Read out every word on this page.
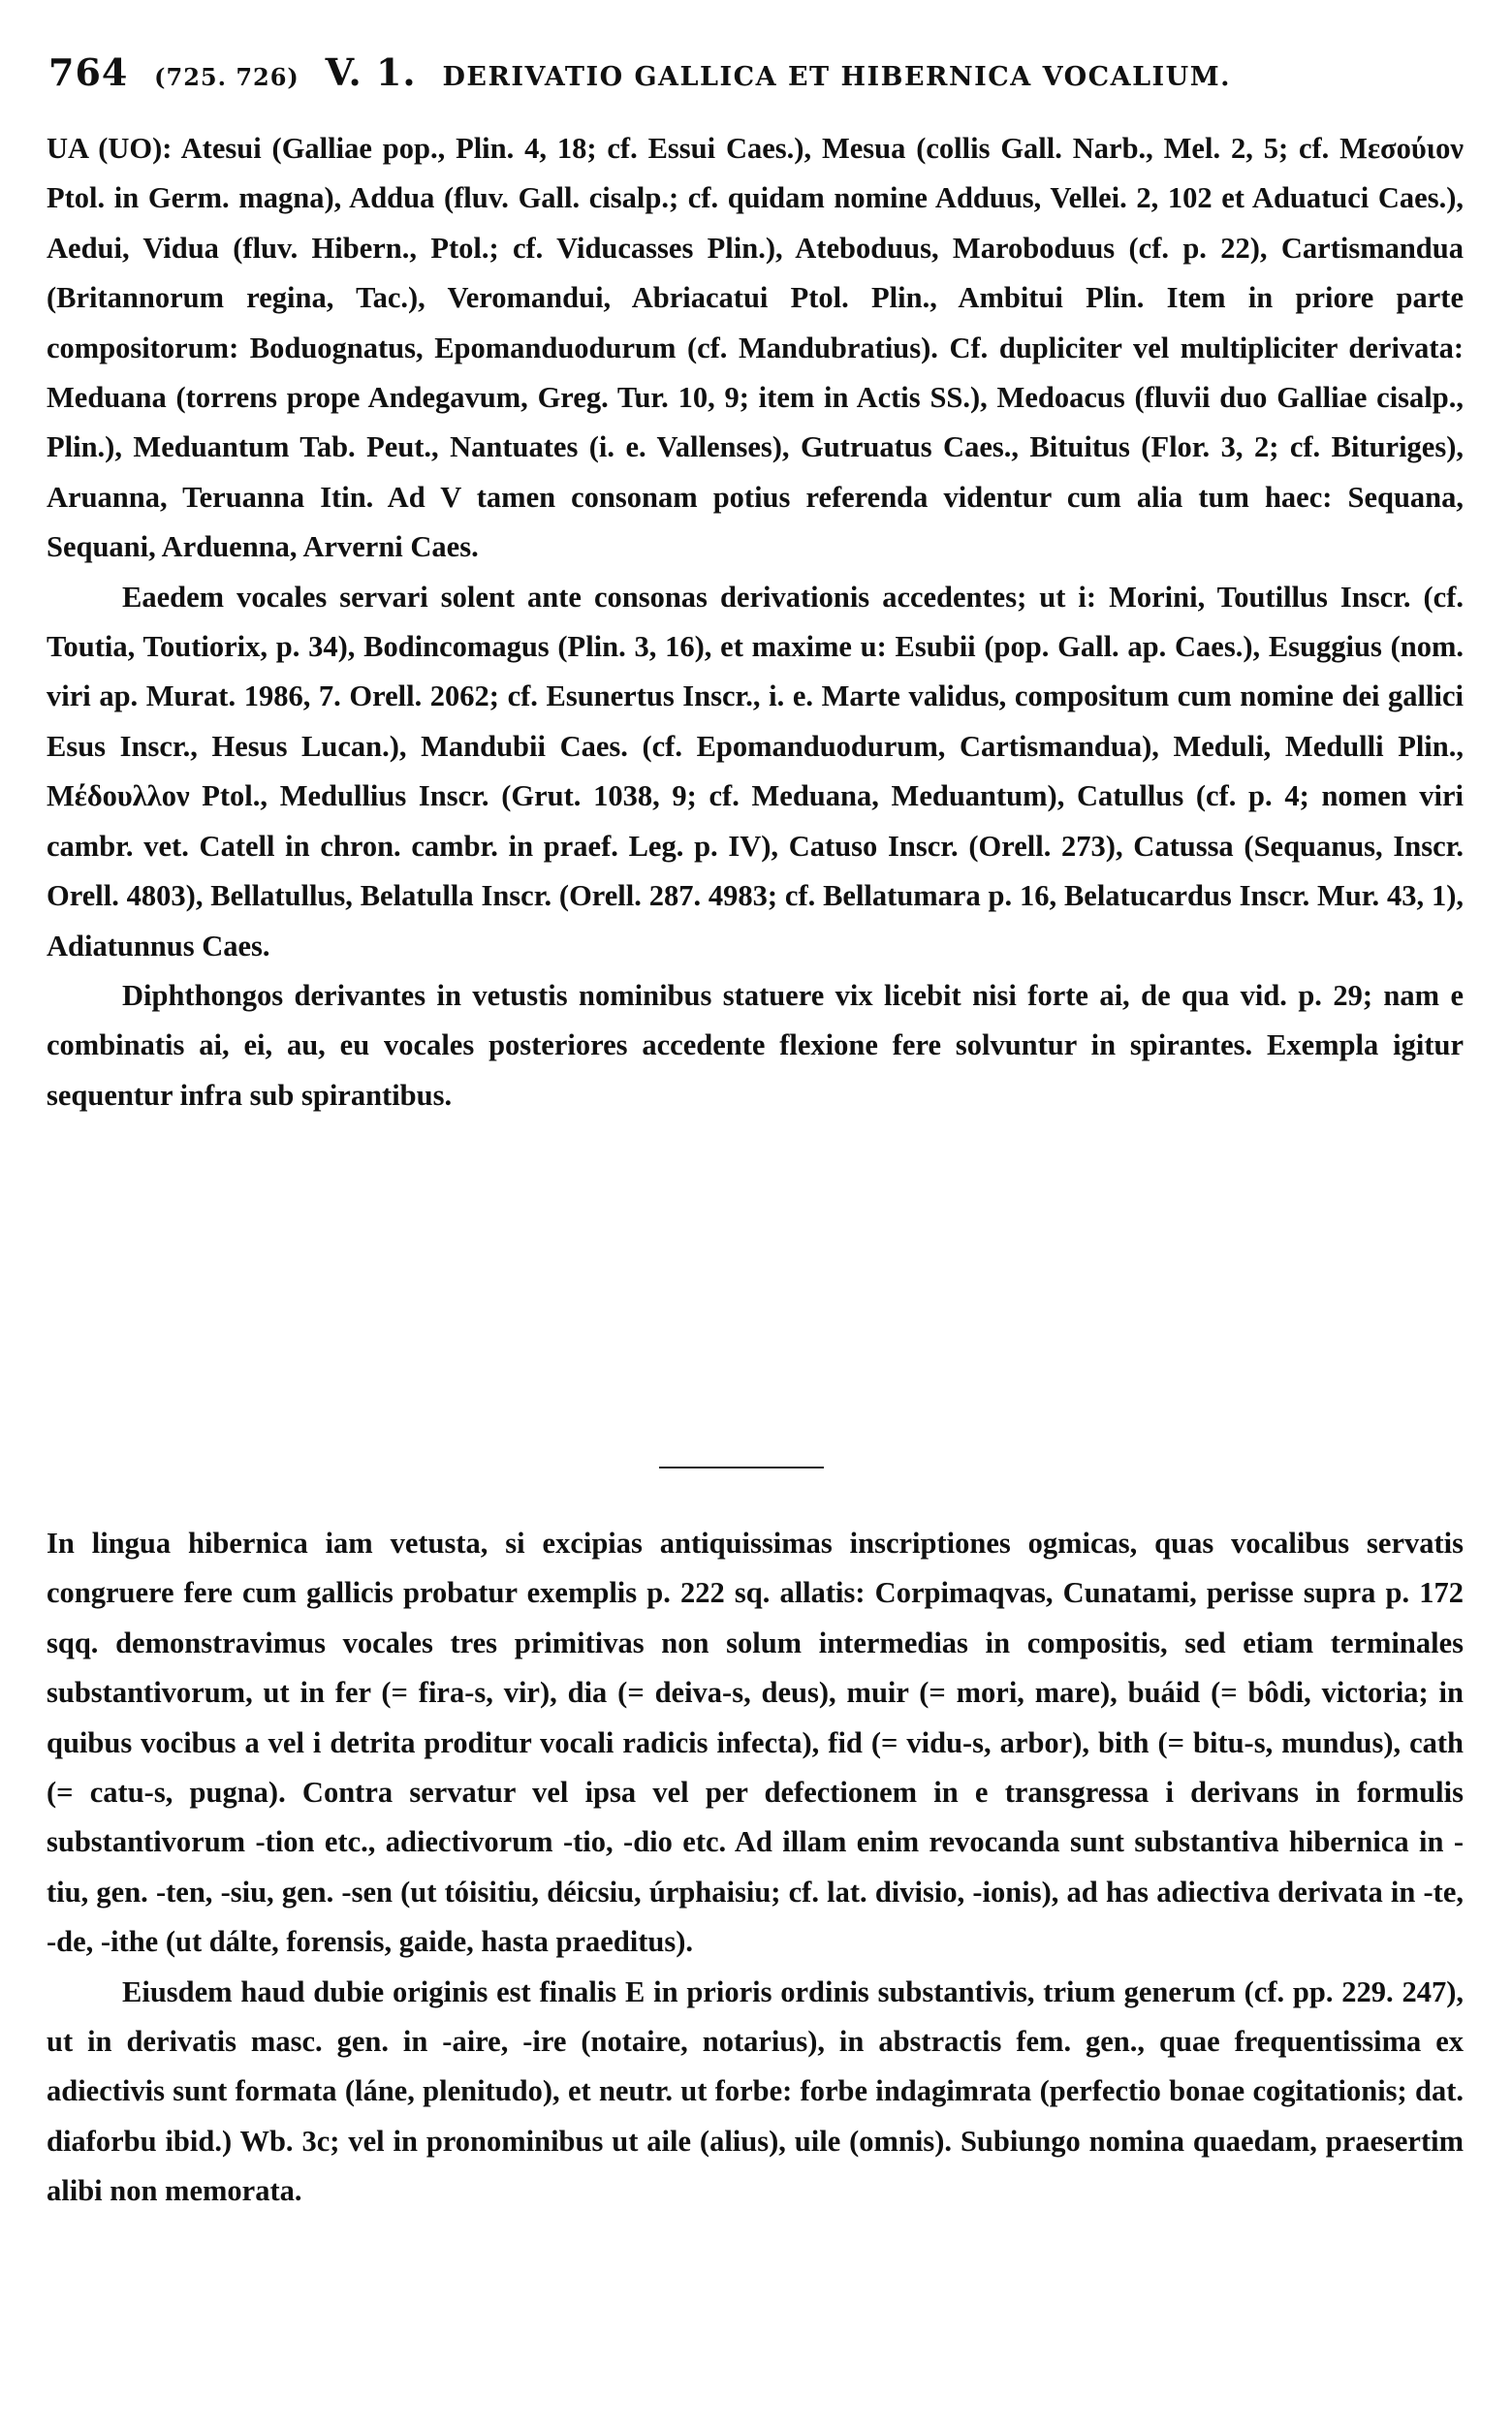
764 (725. 726) V. 1. DERIVATIO GALLICA ET HIBERNICA VOCALIUM.

UA (UO): Atesui (Galliae pop., Plin. 4, 18; cf. Essui Caes.), Mesua (collis Gall. Narb., Mel. 2, 5; cf. Μεσούιον Ptol. in Germ. magna), Addua (fluv. Gall. cisalp.; cf. quidam nomine Adduus, Vellei. 2, 102 et Aduatuci Caes.), Aedui, Vidua (fluv. Hibern., Ptol.; cf. Viducasses Plin.), Ateboduus, Maroboduus (cf. p. 22), Cartismandua (Britannorum regina, Tac.), Veromandui, Abriacatui Ptol. Plin., Ambitui Plin. Item in priore parte compositorum: Boduognatus, Epomanduodurum (cf. Mandubratius). Cf. dupliciter vel multipliciter derivata: Meduana (torrens prope Andegavum, Greg. Tur. 10, 9; item in Actis SS.), Medoacus (fluvii duo Galliae cisalp., Plin.), Meduantum Tab. Peut., Nantuates (i. e. Vallenses), Gutruatus Caes., Bituitus (Flor. 3, 2; cf. Bituriges), Aruanna, Teruanna Itin. Ad V tamen consonam potius referenda videntur cum alia tum haec: Sequana, Sequani, Arduenna, Arverni Caes.

Eaedem vocales servari solent ante consonas derivationis accedentes; ut i: Morini, Toutillus Inscr. (cf. Toutia, Toutiorix, p. 34), Bodincomagus (Plin. 3, 16), et maxime u: Esubii (pop. Gall. ap. Caes.), Esuggius (nom. viri ap. Murat. 1986, 7. Orell. 2062; cf. Esunertus Inscr., i. e. Marte validus, compositum cum nomine dei gallici Esus Inscr., Hesus Lucan.), Mandubii Caes. (cf. Epomanduodurum, Cartismandua), Meduli, Medulli Plin., Μέδουλλον Ptol., Medullius Inscr. (Grut. 1038, 9; cf. Meduana, Meduantum), Catullus (cf. p. 4; nomen viri cambr. vet. Catell in chron. cambr. in praef. Leg. p. IV), Catuso Inscr. (Orell. 273), Catussa (Sequanus, Inscr. Orell. 4803), Bellatullus, Belatulla Inscr. (Orell. 287. 4983; cf. Bellatumara p. 16, Belatucardus Inscr. Mur. 43, 1), Adiatunnus Caes.

Diphthongos derivantes in vetustis nominibus statuere vix licebit nisi forte ai, de qua vid. p. 29; nam e combinatis ai, ei, au, eu vocales posteriores accedente flexione fere solvuntur in spirantes. Exempla igitur sequentur infra sub spirantibus.

In lingua hibernica iam vetusta, si excipias antiquissimas inscriptiones ogmicas, quas vocalibus servatis congruere fere cum gallicis probatur exemplis p. 222 sq. allatis: Corpimaqvas, Cunatami, perisse supra p. 172 sqq. demonstravimus vocales tres primitivas non solum intermedias in compositis, sed etiam terminales substantivorum, ut in fer (= fira-s, vir), dia (= deiva-s, deus), muir (= mori, mare), buáid (= bôdi, victoria; in quibus vocibus a vel i detrita proditur vocali radicis infecta), fid (= vidu-s, arbor), bith (= bitu-s, mundus), cath (= catu-s, pugna). Contra servatur vel ipsa vel per defectionem in e transgressa i derivans in formulis substantivorum -tion etc., adiectivorum -tio, -dio etc. Ad illam enim revocanda sunt substantiva hibernica in -tiu, gen. -ten, -siu, gen. -sen (ut tóisitiu, déicsiu, úrphaisiu; cf. lat. divisio, -ionis), ad has adiectiva derivata in -te, -de, -ithe (ut dálte, forensis, gaide, hasta praeditus).

Eiusdem haud dubie originis est finalis E in prioris ordinis substantivis, trium generum (cf. pp. 229. 247), ut in derivatis masc. gen. in -aire, -ire (notaire, notarius), in abstractis fem. gen., quae frequentissima ex adiectivis sunt formata (láne, plenitudo), et neutr. ut forbe: forbe indagimrata (perfectio bonae cogitationis; dat. diaforbu ibid.) Wb. 3c; vel in pronominibus ut aile (alius), uile (omnis). Subiungo nomina quaedam, praesertim alibi non memorata.
